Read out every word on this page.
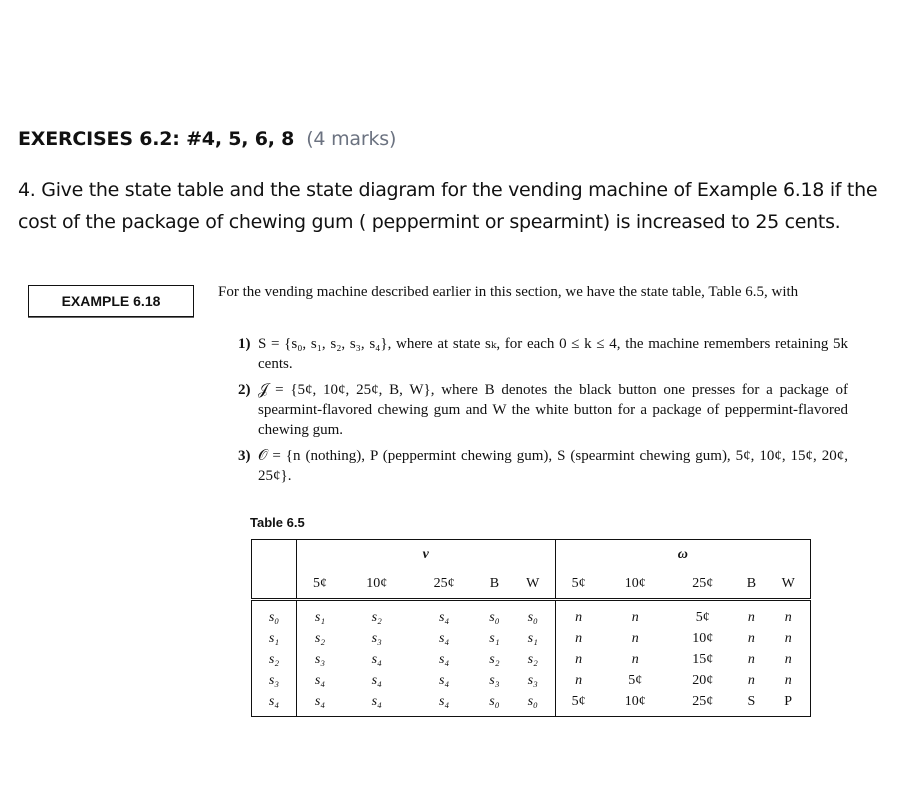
EXERCISES 6.2: #4, 5, 6, 8 (4 marks)
4. Give the state table and the state diagram for the vending machine of Example 6.18 if the cost of the package of chewing gum ( peppermint or spearmint) is increased to 25 cents.
EXAMPLE 6.18
For the vending machine described earlier in this section, we have the state table, Table 6.5, with
1) S = {s₀, s₁, s₂, s₃, s₄}, where at state sₖ, for each 0 ≤ k ≤ 4, the machine remembers retaining 5k cents.
2) 𝒥 = {5¢, 10¢, 25¢, B, W}, where B denotes the black button one presses for a package of spearmint-flavored chewing gum and W the white button for a package of peppermint-flavored chewing gum.
3) 𝒪 = {n (nothing), P (peppermint chewing gum), S (spearmint chewing gum), 5¢, 10¢, 15¢, 20¢, 25¢}.
Table 6.5
	ν					ω				
	5¢	10¢	25¢	B	W	5¢	10¢	25¢	B	W
s₀	s₁	s₂	s₄	s₀	s₀	n	n	5¢	n	n
s₁	s₂	s₃	s₄	s₁	s₁	n	n	10¢	n	n
s₂	s₃	s₄	s₄	s₂	s₂	n	n	15¢	n	n
s₃	s₄	s₄	s₄	s₃	s₃	n	5¢	20¢	n	n
s₄	s₄	s₄	s₄	s₀	s₀	5¢	10¢	25¢	S	P
